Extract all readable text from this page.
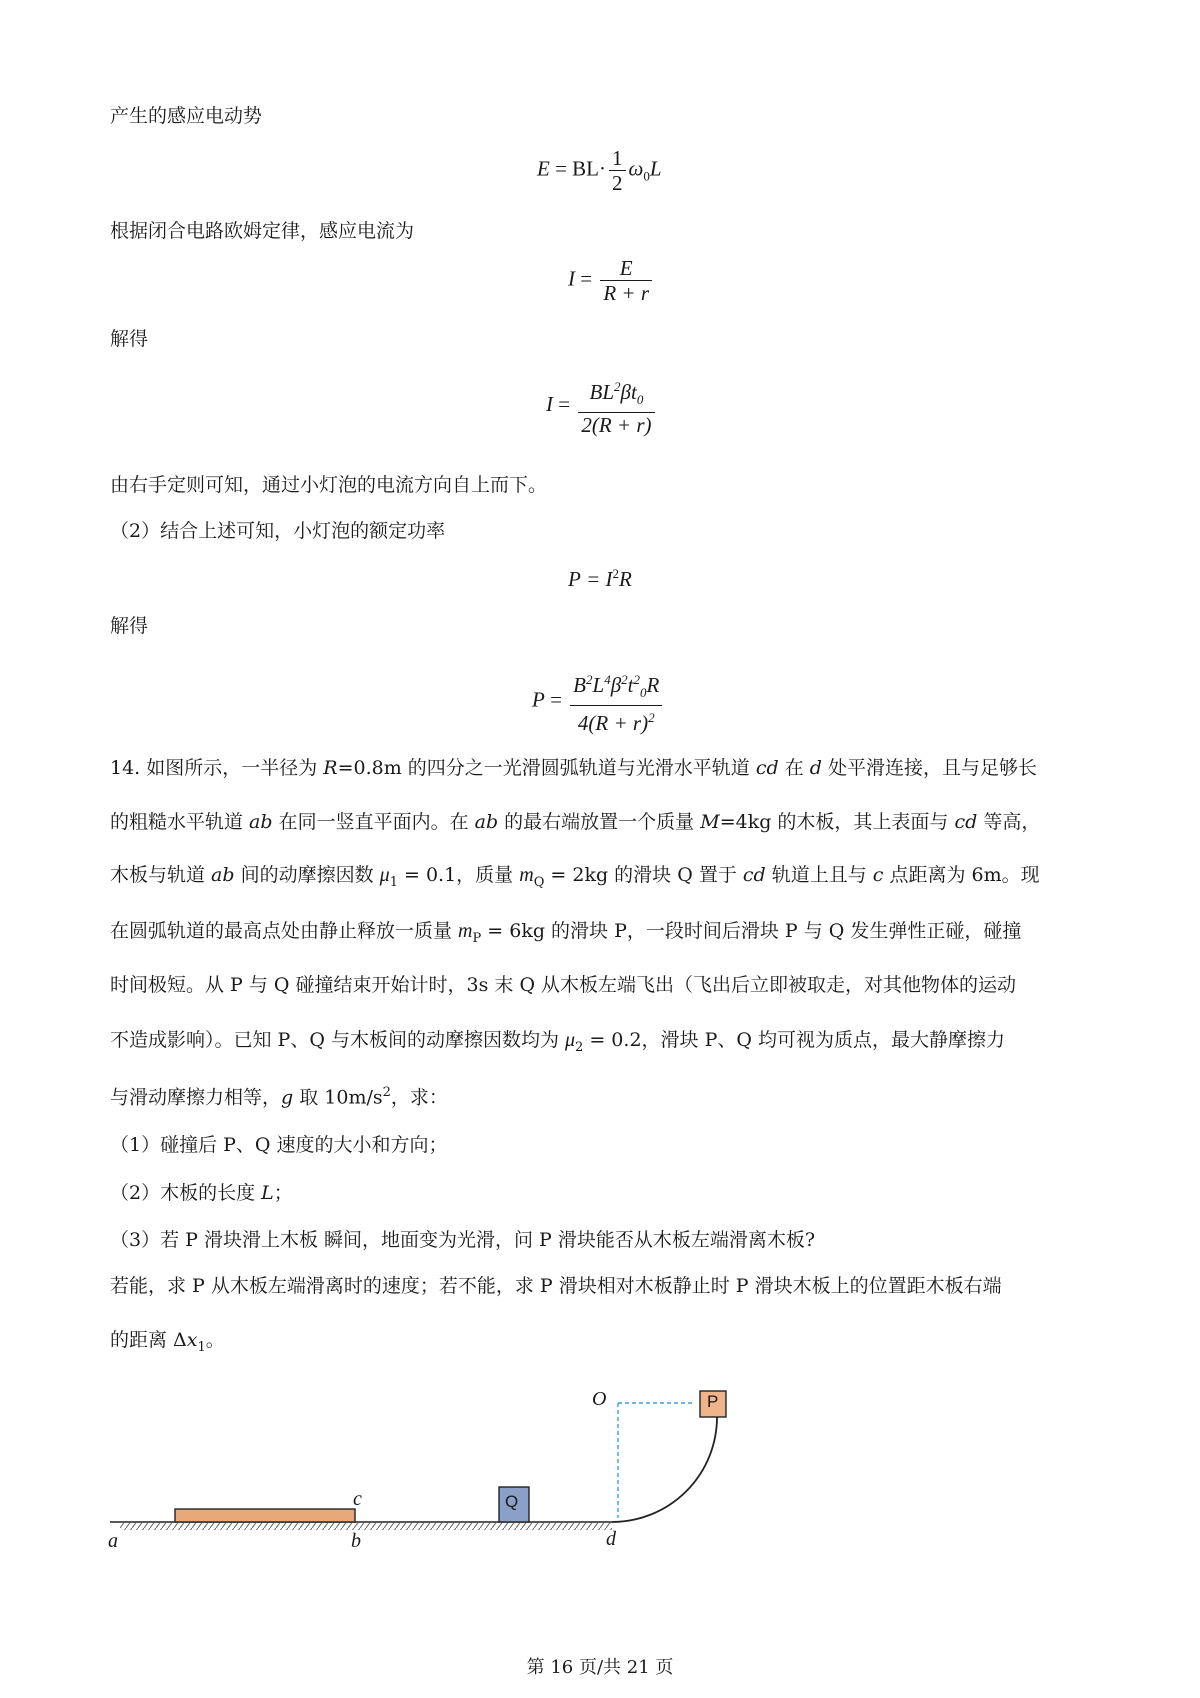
产生的感应电动势
$E = BL\cdot \frac{1}{2} \omega_0L$
根据闭合电路欧姆定律，感应电流为
$I = \frac{E}{R + r}$
解得
$I = \frac{BL^2\beta t_0}{2(R + r)}$
由右手定则可知，通过小灯泡的电流方向自上而下。
（2）结合上述可知，小灯泡的额定功率
$P = I^2R$
解得
$P = \frac{B^2L^4\beta^2t^2_0R}{4(R + r)^2}$
14. 如图所示，一半径为 R=0.8m 的四分之一光滑圆弧轨道与光滑水平轨道 cd 在 d 处平滑连接，且与足够长
的粗糙水平轨道 ab 在同一竖直平面内。在 ab 的最右端放置一个质量 M=4kg 的木板，其上表面与 cd 等高，
木板与轨道 ab 间的动摩擦因数 $\mu_1 = 0.1$，质量 $m_Q = 2kg$ 的滑块 Q 置于 cd 轨道上且与 c 点距离为 6m。现
在圆弧轨道的最高点处由静止释放一质量 $m_P = 6kg$ 的滑块 P，一段时间后滑块 P 与 Q 发生弹性正碰，碰撞
时间极短。从 P 与 Q 碰撞结束开始计时，3s 末 Q 从木板左端飞出（飞出后立即被取走，对其他物体的运动
不造成影响）。已知 P、Q 与木板间的动摩擦因数均为 $\mu_2 = 0.2$，滑块 P、Q 均可视为质点，最大静摩擦力
与滑动摩擦力相等，g 取 $10m/s^2$，求：
（1）碰撞后 P、Q 速度的大小和方向；
（2）木板的长度 L；
（3）若 P 滑块滑上木板 瞬间，地面变为光滑，问 P 滑块能否从木板左端滑离木板?
若能，求 P 从木板左端滑离时的速度；若不能，求 P 滑块相对木板静止时 P 滑块木板上的位置距木板右端
的距离 $\Delta x_1$。
O	P
Q
a	b
c
d
第 16 页/共 21 页
